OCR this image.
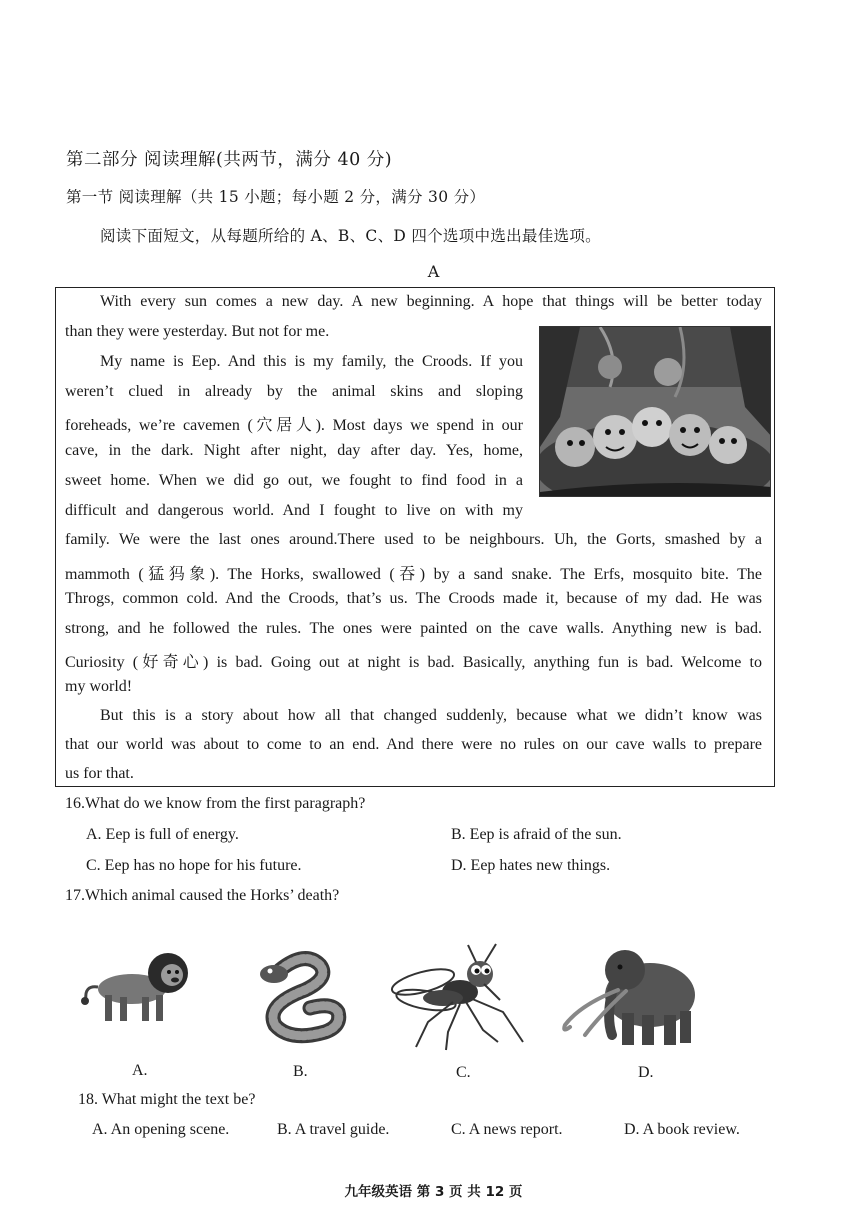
第二部分 阅读理解(共两节，满分 40 分)
第一节 阅读理解（共 15 小题；每小题 2 分，满分 30 分）
阅读下面短文，从每题所给的 A、B、C、D 四个选项中选出最佳选项。
A
With every sun comes a new day. A new beginning. A hope that things will be better today
than they were yesterday. But not for me.
My name is Eep. And this is my family, the Croods. If you
weren’t clued in already by the animal skins and sloping
foreheads, we’re cavemen (穴居人). Most days we spend in our
cave, in the dark. Night after night, day after day. Yes, home,
sweet home. When we did go out, we fought to find food in a
difficult and dangerous world. And I fought to live on with my
family. We were the last ones around.There used to be neighbours. Uh, the Gorts, smashed by a
mammoth (猛犸象). The Horks, swallowed (吞) by a sand snake. The Erfs, mosquito bite. The
Throgs, common cold. And the Croods, that’s us. The Croods made it, because of my dad. He was
strong, and he followed the rules. The ones were painted on the cave walls. Anything new is bad.
Curiosity (好奇心) is bad. Going out at night is bad. Basically, anything fun is bad. Welcome to
my world!
But this is a story about how all that changed suddenly, because what we didn’t know was
that our world was about to come to an end. And there were no rules on our cave walls to prepare
us for that.
16.What do we know from the first paragraph?
A. Eep is full of energy.	B. Eep is afraid of the sun.
C. Eep has no hope for his future.	D. Eep hates new things.
17.Which animal caused the Horks’ death?
A.	B.	C.	D.
18. What might the text be?
A. An opening scene.	B. A travel guide.	C. A news report.	D. A book review.
九年级英语 第 3 页 共 12 页
